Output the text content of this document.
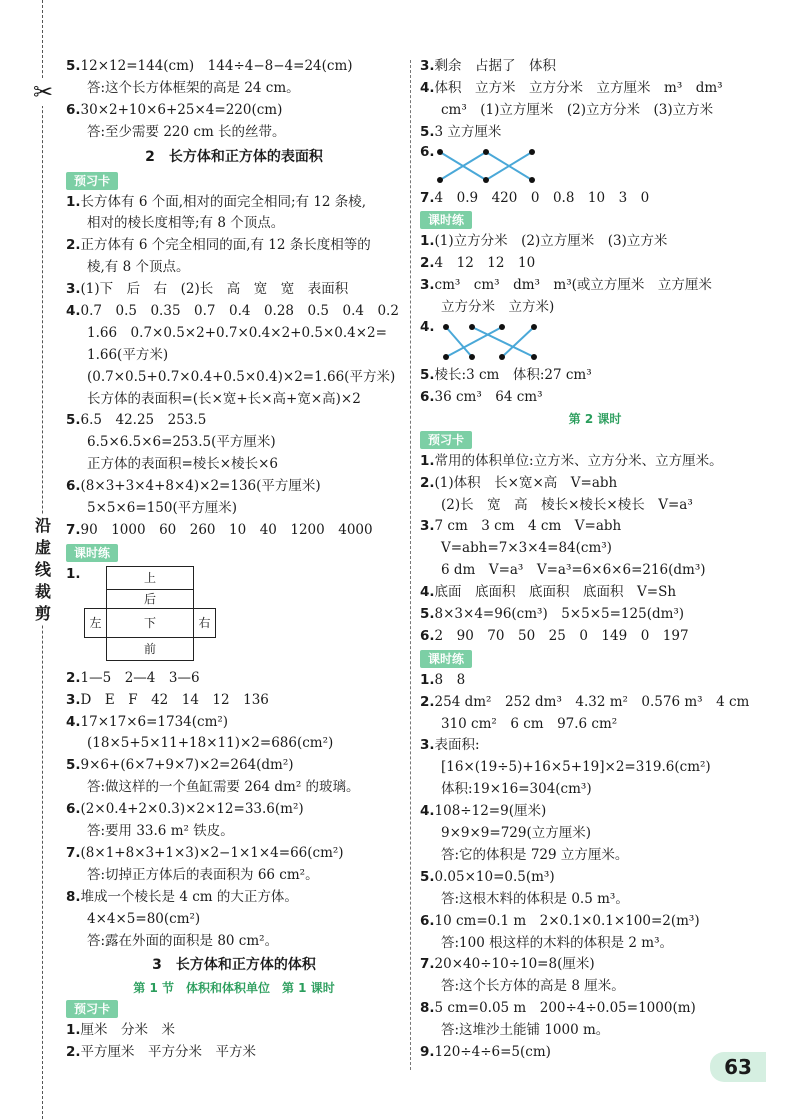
✂
沿
虚
线
裁
剪
5.12×12=144(cm)　144÷4−8−4=24(cm)
答:这个长方体框架的高是 24 cm。
6.30×2+10×6+25×4=220(cm)
答:至少需要 220 cm 长的丝带。
2　长方体和正方体的表面积
预习卡
1.长方体有 6 个面,相对的面完全相同;有 12 条棱,
相对的棱长度相等;有 8 个顶点。
2.正方体有 6 个完全相同的面,有 12 条长度相等的
棱,有 8 个顶点。
3.(1)下　后　右　(2)长　高　宽　宽　表面积
4.0.7　0.5　0.35　0.7　0.4　0.28　0.5　0.4　0.2
1.66　0.7×0.5×2+0.7×0.4×2+0.5×0.4×2=
1.66(平方米)
(0.7×0.5+0.7×0.4+0.5×0.4)×2=1.66(平方米)
长方体的表面积=(长×宽+长×高+宽×高)×2
5.6.5　42.25　253.5
6.5×6.5×6=253.5(平方厘米)
正方体的表面积=棱长×棱长×6
6.(8×3+3×4+8×4)×2=136(平方厘米)
5×5×6=150(平方厘米)
7.90　1000　60　260　10　40　1200　4000
课时练
1.	上
后
左	下	右
前
2.1—5　2—4　3—6
3.D　E　F　42　14　12　136
4.17×17×6=1734(cm²)
(18×5+5×11+18×11)×2=686(cm²)
5.9×6+(6×7+9×7)×2=264(dm²)
答:做这样的一个鱼缸需要 264 dm² 的玻璃。
6.(2×0.4+2×0.3)×2×12=33.6(m²)
答:要用 33.6 m² 铁皮。
7.(8×1+8×3+1×3)×2−1×1×4=66(cm²)
答:切掉正方体后的表面积为 66 cm²。
8.堆成一个棱长是 4 cm 的大正方体。
4×4×5=80(cm²)
答:露在外面的面积是 80 cm²。
3　长方体和正方体的体积
第 1 节　体积和体积单位　第 1 课时
预习卡
1.厘米　分米　米
2.平方厘米　平方分米　平方米
3.剩余　占据了　体积
4.体积　立方米　立方分米　立方厘米　m³　dm³
cm³　(1)立方厘米　(2)立方分米　(3)立方米
5.3 立方厘米
6.
7.4　0.9　420　0　0.8　10　3　0
课时练
1.(1)立方分米　(2)立方厘米　(3)立方米
2.4　12　12　10
3.cm³　cm³　dm³　m³(或立方厘米　立方厘米
立方分米　立方米)
4.
5.棱长:3 cm　体积:27 cm³
6.36 cm³　64 cm³
第 2 课时
预习卡
1.常用的体积单位:立方米、立方分米、立方厘米。
2.(1)体积　长×宽×高　V=abh
(2)长　宽　高　棱长×棱长×棱长　V=a³
3.7 cm　3 cm　4 cm　V=abh
V=abh=7×3×4=84(cm³)
6 dm　V=a³　V=a³=6×6×6=216(dm³)
4.底面　底面积　底面积　底面积　V=Sh
5.8×3×4=96(cm³)　5×5×5=125(dm³)
6.2　90　70　50　25　0　149　0　197
课时练
1.8　8
2.254 dm²　252 dm³　4.32 m²　0.576 m³　4 cm
310 cm²　6 cm　97.6 cm²
3.表面积:
[16×(19÷5)+16×5+19]×2=319.6(cm²)
体积:19×16=304(cm³)
4.108÷12=9(厘米)
9×9×9=729(立方厘米)
答:它的体积是 729 立方厘米。
5.0.05×10=0.5(m³)
答:这根木料的体积是 0.5 m³。
6.10 cm=0.1 m　2×0.1×0.1×100=2(m³)
答:100 根这样的木料的体积是 2 m³。
7.20×40÷10÷10=8(厘米)
答:这个长方体的高是 8 厘米。
8.5 cm=0.05 m　200÷4÷0.05=1000(m)
答:这堆沙土能铺 1000 m。
9.120÷4÷6=5(cm)
63
